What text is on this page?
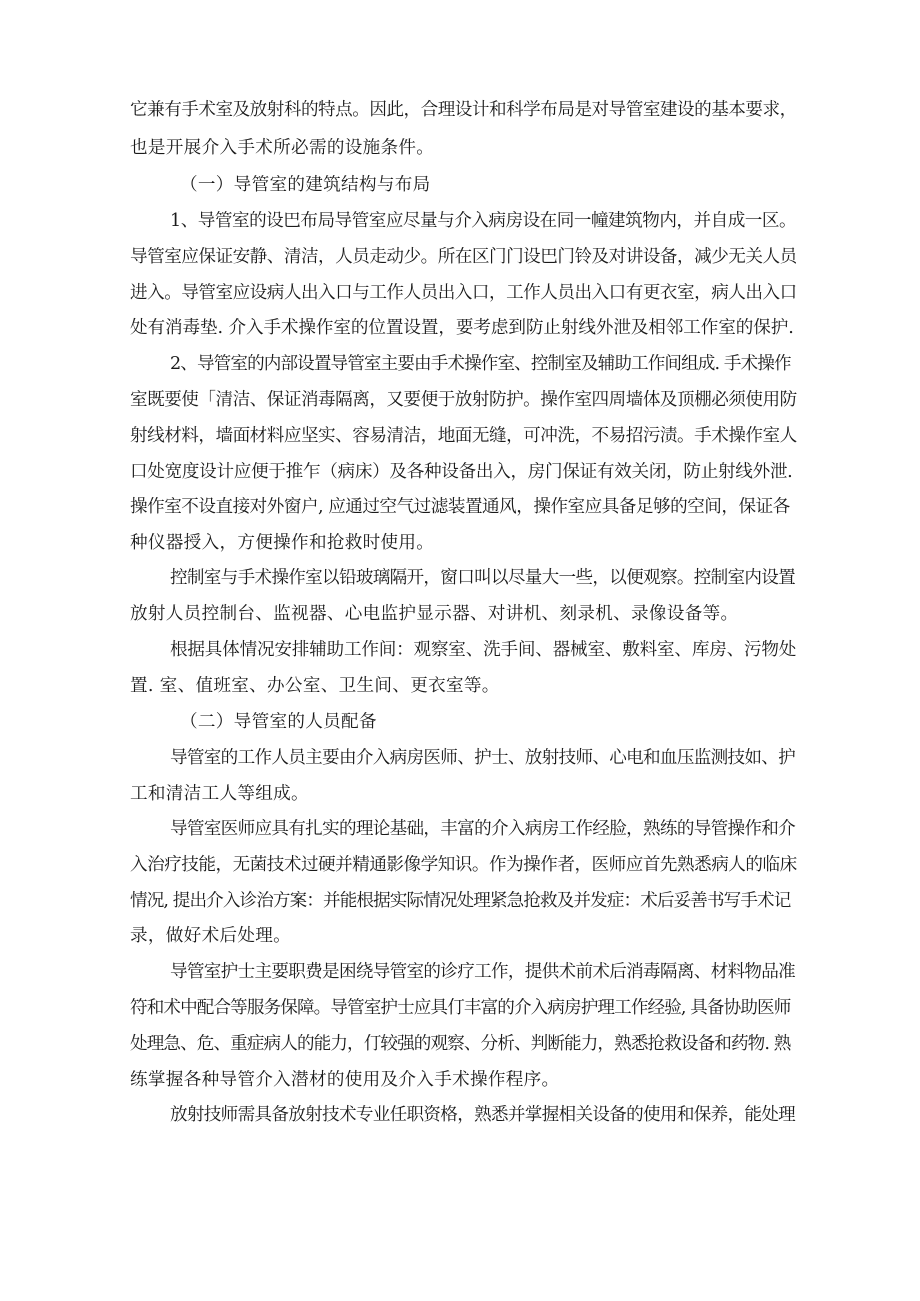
它兼有手术室及放射科的特点。因此，合理设计和科学布局是对导管室建设的基本要求，

也是开展介入手术所必需的设施条件。

（一）导管室的建筑结构与布局

1、导管室的设巴布局导管室应尽量与介入病房设在同一幢建筑物内，并自成一区。

导管室应保证安静、清洁，人员走动少。所在区门门设巴门铃及对讲设备，减少无关人员

进入。导管室应设病人出入口与工作人员出入口，工作人员出入口有更衣室，病人出入口

处有消毒垫. 介入手术操作室的位置设置，要考虑到防止射线外泄及相邻工作室的保护.

2、导管室的内部设置导管室主要由手术操作室、控制室及辅助工作间组成. 手术操作

室既要使「清洁、保证消毒隔离，又要便于放射防护。操作室四周墙体及顶棚必须使用防

射线材料，墙面材料应坚实、容易清洁，地面无缝，可冲洗，不易招污渍。手术操作室人

口处宽度设计应便于推乍（病床）及各种设备出入，房门保证有效关闭，防止射线外泄.

操作室不设直接对外窗户, 应通过空气过滤装置通风，操作室应具备足够的空间，保证各

种仪器授入，方便操作和抢救时使用。

控制室与手术操作室以铅玻璃隔开，窗口叫以尽量大一些，以便观察。控制室内设置

放射人员控制台、监视器、心电监护显示器、对讲机、刻录机、录像设备等。

根据具体情况安排辅助工作间：观察室、洗手间、器械室、敷料室、库房、污物处

置. 室、值班室、办公室、卫生间、更衣室等。

（二）导管室的人员配备

导管室的工作人员主要由介入病房医师、护士、放射技师、心电和血压监测技如、护

工和清洁工人等组成。

导管室医师应具有扎实的理论基础，丰富的介入病房工作经脸，熟练的导管操作和介

入治疗技能，无菌技术过硬并精通影像学知识。作为操作者，医师应首先熟悉病人的临床

情况, 提出介入诊治方案：并能根据实际情况处理紧急抢救及并发症：术后妥善书写手术记

录，做好术后处理。

导管室护士主要职费是困绕导管室的诊疗工作，提供术前术后消毒隔离、材料物品准

符和术中配合等服务保障。导管室护士应具仃丰富的介入病房护理工作经验, 具备协助医师

处理急、危、重症病人的能力，仃较强的观察、分析、判断能力，熟悉抢救设备和药物. 熟

练掌握各种导管介入潜材的使用及介入手术操作程序。

放射技师需具备放射技术专业任职资格，熟悉并掌握相关设备的使用和保养，能处理
